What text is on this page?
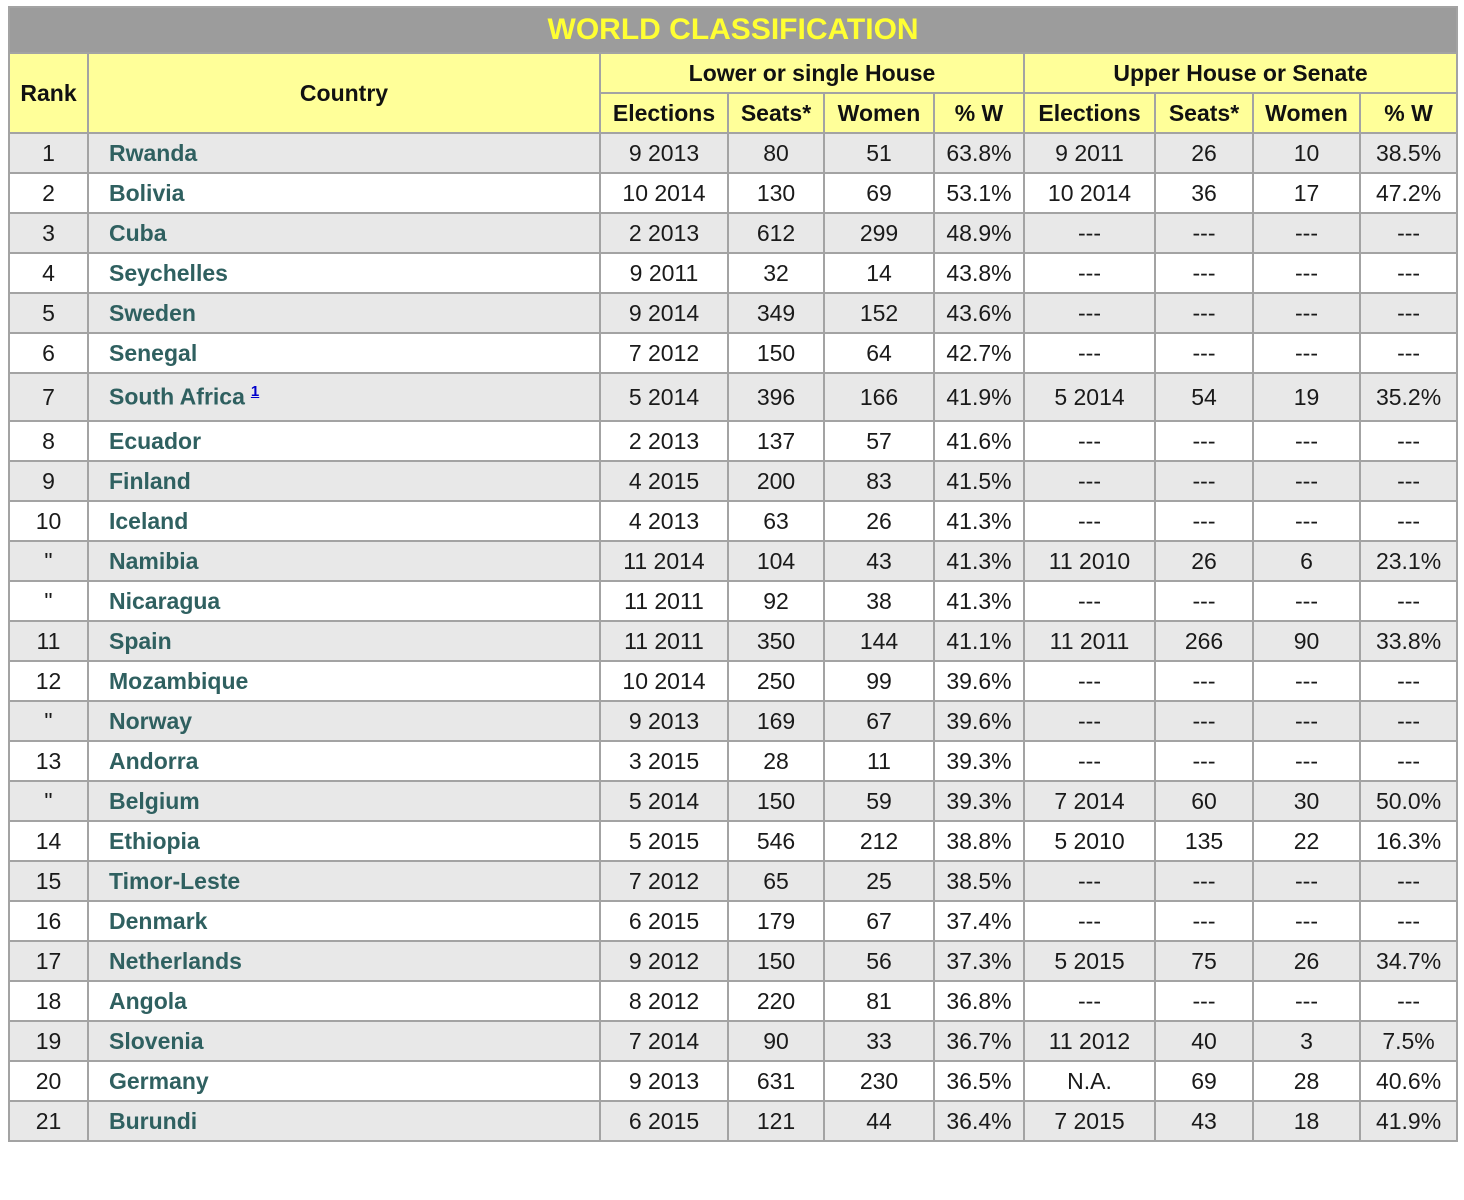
WORLD CLASSIFICATION									
Rank	Country	Lower or single House				Upper House or Senate			
		Elections	Seats*	Women	% W	Elections	Seats*	Women	% W
1	Rwanda	9 2013	80	51	63.8%	9 2011	26	10	38.5%
2	Bolivia	10 2014	130	69	53.1%	10 2014	36	17	47.2%
3	Cuba	2 2013	612	299	48.9%	---	---	---	---
4	Seychelles	9 2011	32	14	43.8%	---	---	---	---
5	Sweden	9 2014	349	152	43.6%	---	---	---	---
6	Senegal	7 2012	150	64	42.7%	---	---	---	---
7	South Africa $^1$	5 2014	396	166	41.9%	5 2014	54	19	35.2%
8	Ecuador	2 2013	137	57	41.6%	---	---	---	---
9	Finland	4 2015	200	83	41.5%	---	---	---	---
10	Iceland	4 2013	63	26	41.3%	---	---	---	---
"	Namibia	11 2014	104	43	41.3%	11 2010	26	6	23.1%
"	Nicaragua	11 2011	92	38	41.3%	---	---	---	---
11	Spain	11 2011	350	144	41.1%	11 2011	266	90	33.8%
12	Mozambique	10 2014	250	99	39.6%	---	---	---	---
"	Norway	9 2013	169	67	39.6%	---	---	---	---
13	Andorra	3 2015	28	11	39.3%	---	---	---	---
"	Belgium	5 2014	150	59	39.3%	7 2014	60	30	50.0%
14	Ethiopia	5 2015	546	212	38.8%	5 2010	135	22	16.3%
15	Timor-Leste	7 2012	65	25	38.5%	---	---	---	---
16	Denmark	6 2015	179	67	37.4%	---	---	---	---
17	Netherlands	9 2012	150	56	37.3%	5 2015	75	26	34.7%
18	Angola	8 2012	220	81	36.8%	---	---	---	---
19	Slovenia	7 2014	90	33	36.7%	11 2012	40	3	7.5%
20	Germany	9 2013	631	230	36.5%	N.A.	69	28	40.6%
21	Burundi	6 2015	121	44	36.4%	7 2015	43	18	41.9%
